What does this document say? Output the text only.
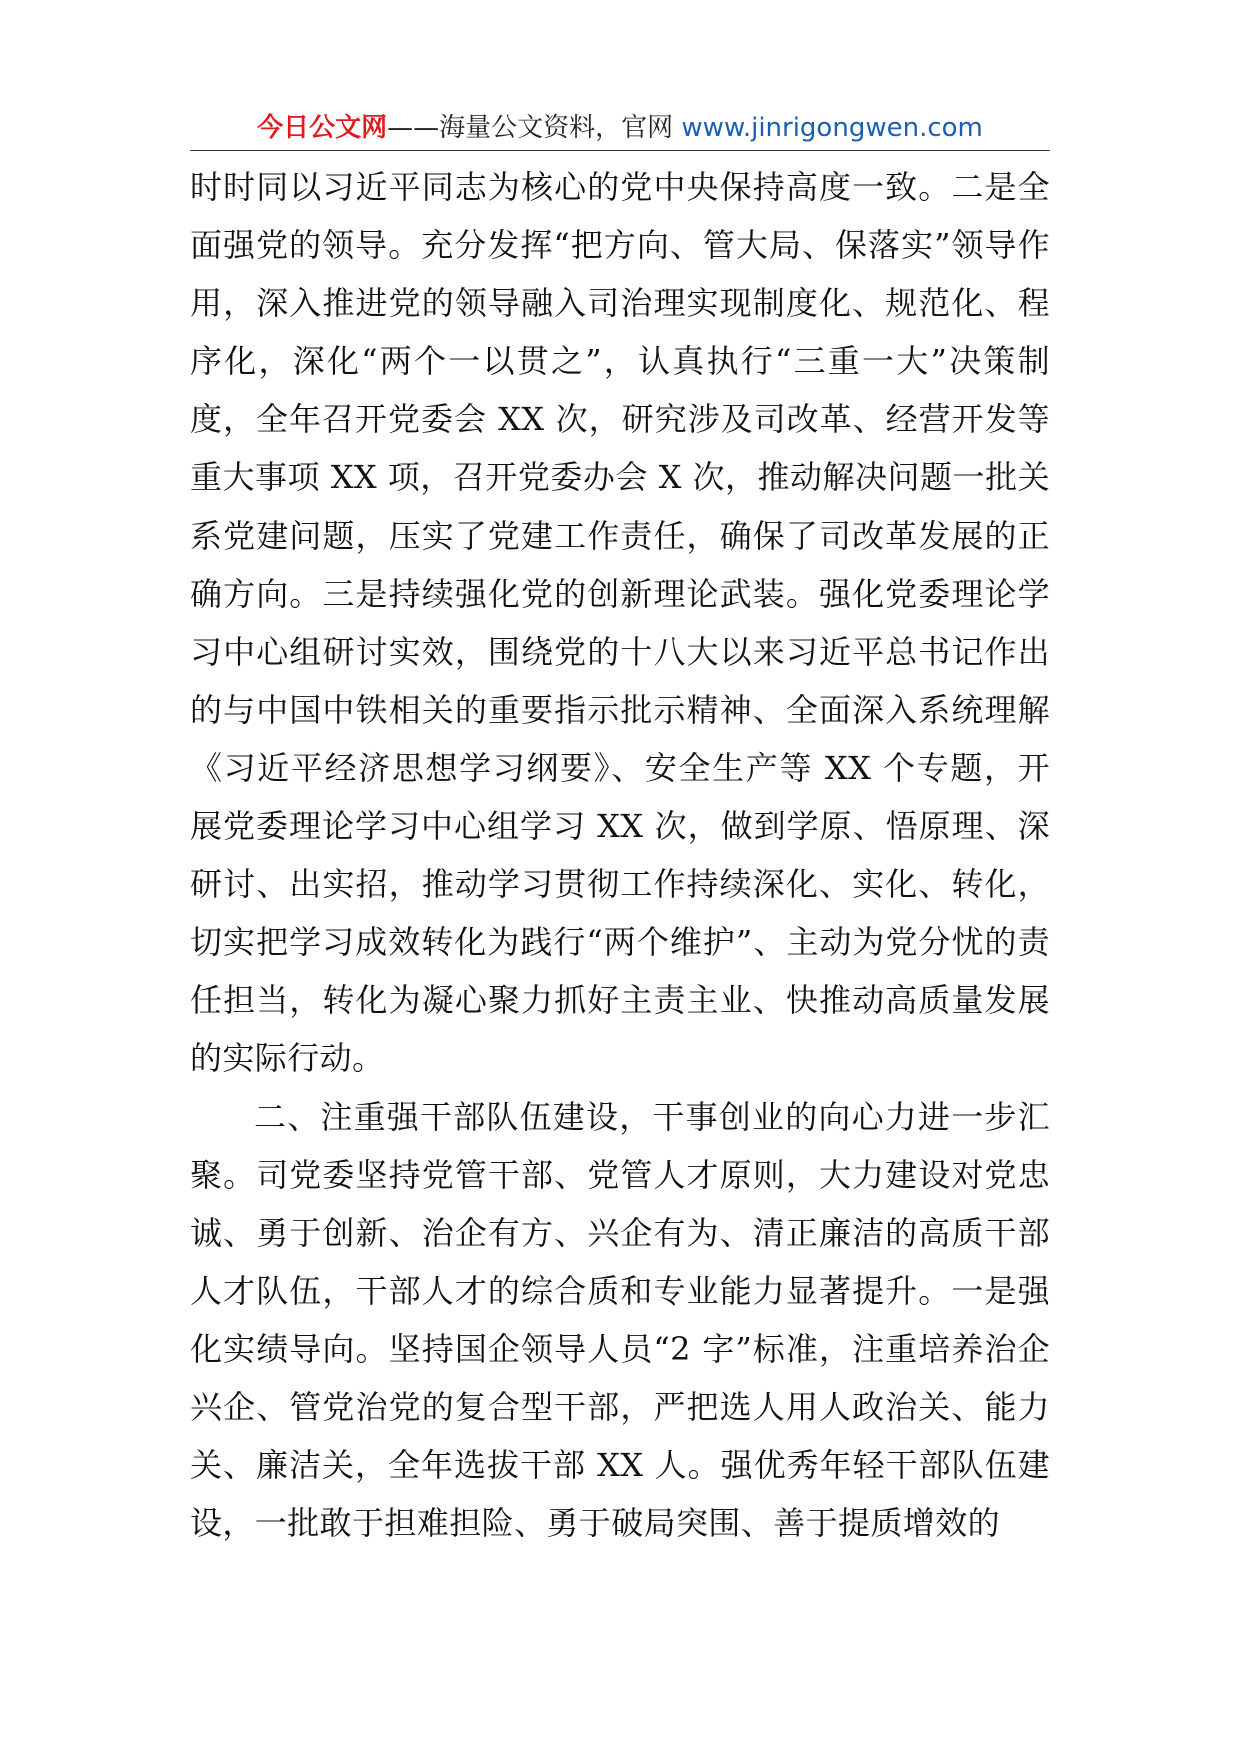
今日公文网——海量公文资料，官网 www.jinrigongwen.com

时时同以习近平同志为核心的党中央保持高度一致。二是全面强党的领导。充分发挥“把方向、管大局、保落实”领导作用，深入推进党的领导融入司治理实现制度化、规范化、程序化，深化“两个一以贯之”，认真执行“三重一大”决策制度，全年召开党委会 XX 次，研究涉及司改革、经营开发等重大事项 XX 项，召开党委办会 X 次，推动解决问题一批关系党建问题，压实了党建工作责任，确保了司改革发展的正确方向。三是持续强化党的创新理论武装。强化党委理论学习中心组研讨实效，围绕党的十八大以来习近平总书记作出的与中国中铁相关的重要指示批示精神、全面深入系统理解《习近平经济思想学习纲要》、安全生产等 XX 个专题，开展党委理论学习中心组学习 XX 次，做到学原、悟原理、深研讨、出实招，推动学习贯彻工作持续深化、实化、转化，切实把学习成效转化为践行“两个维护”、主动为党分忧的责任担当，转化为凝心聚力抓好主责主业、快推动高质量发展的实际行动。

二、注重强干部队伍建设，干事创业的向心力进一步汇聚。司党委坚持党管干部、党管人才原则，大力建设对党忠诚、勇于创新、治企有方、兴企有为、清正廉洁的高质干部人才队伍，干部人才的综合质和专业能力显著提升。一是强化实绩导向。坚持国企领导人员“2 字”标准，注重培养治企兴企、管党治党的复合型干部，严把选人用人政治关、能力关、廉洁关，全年选拔干部 XX 人。强优秀年轻干部队伍建设，一批敢于担难担险、勇于破局突围、善于提质增效的
